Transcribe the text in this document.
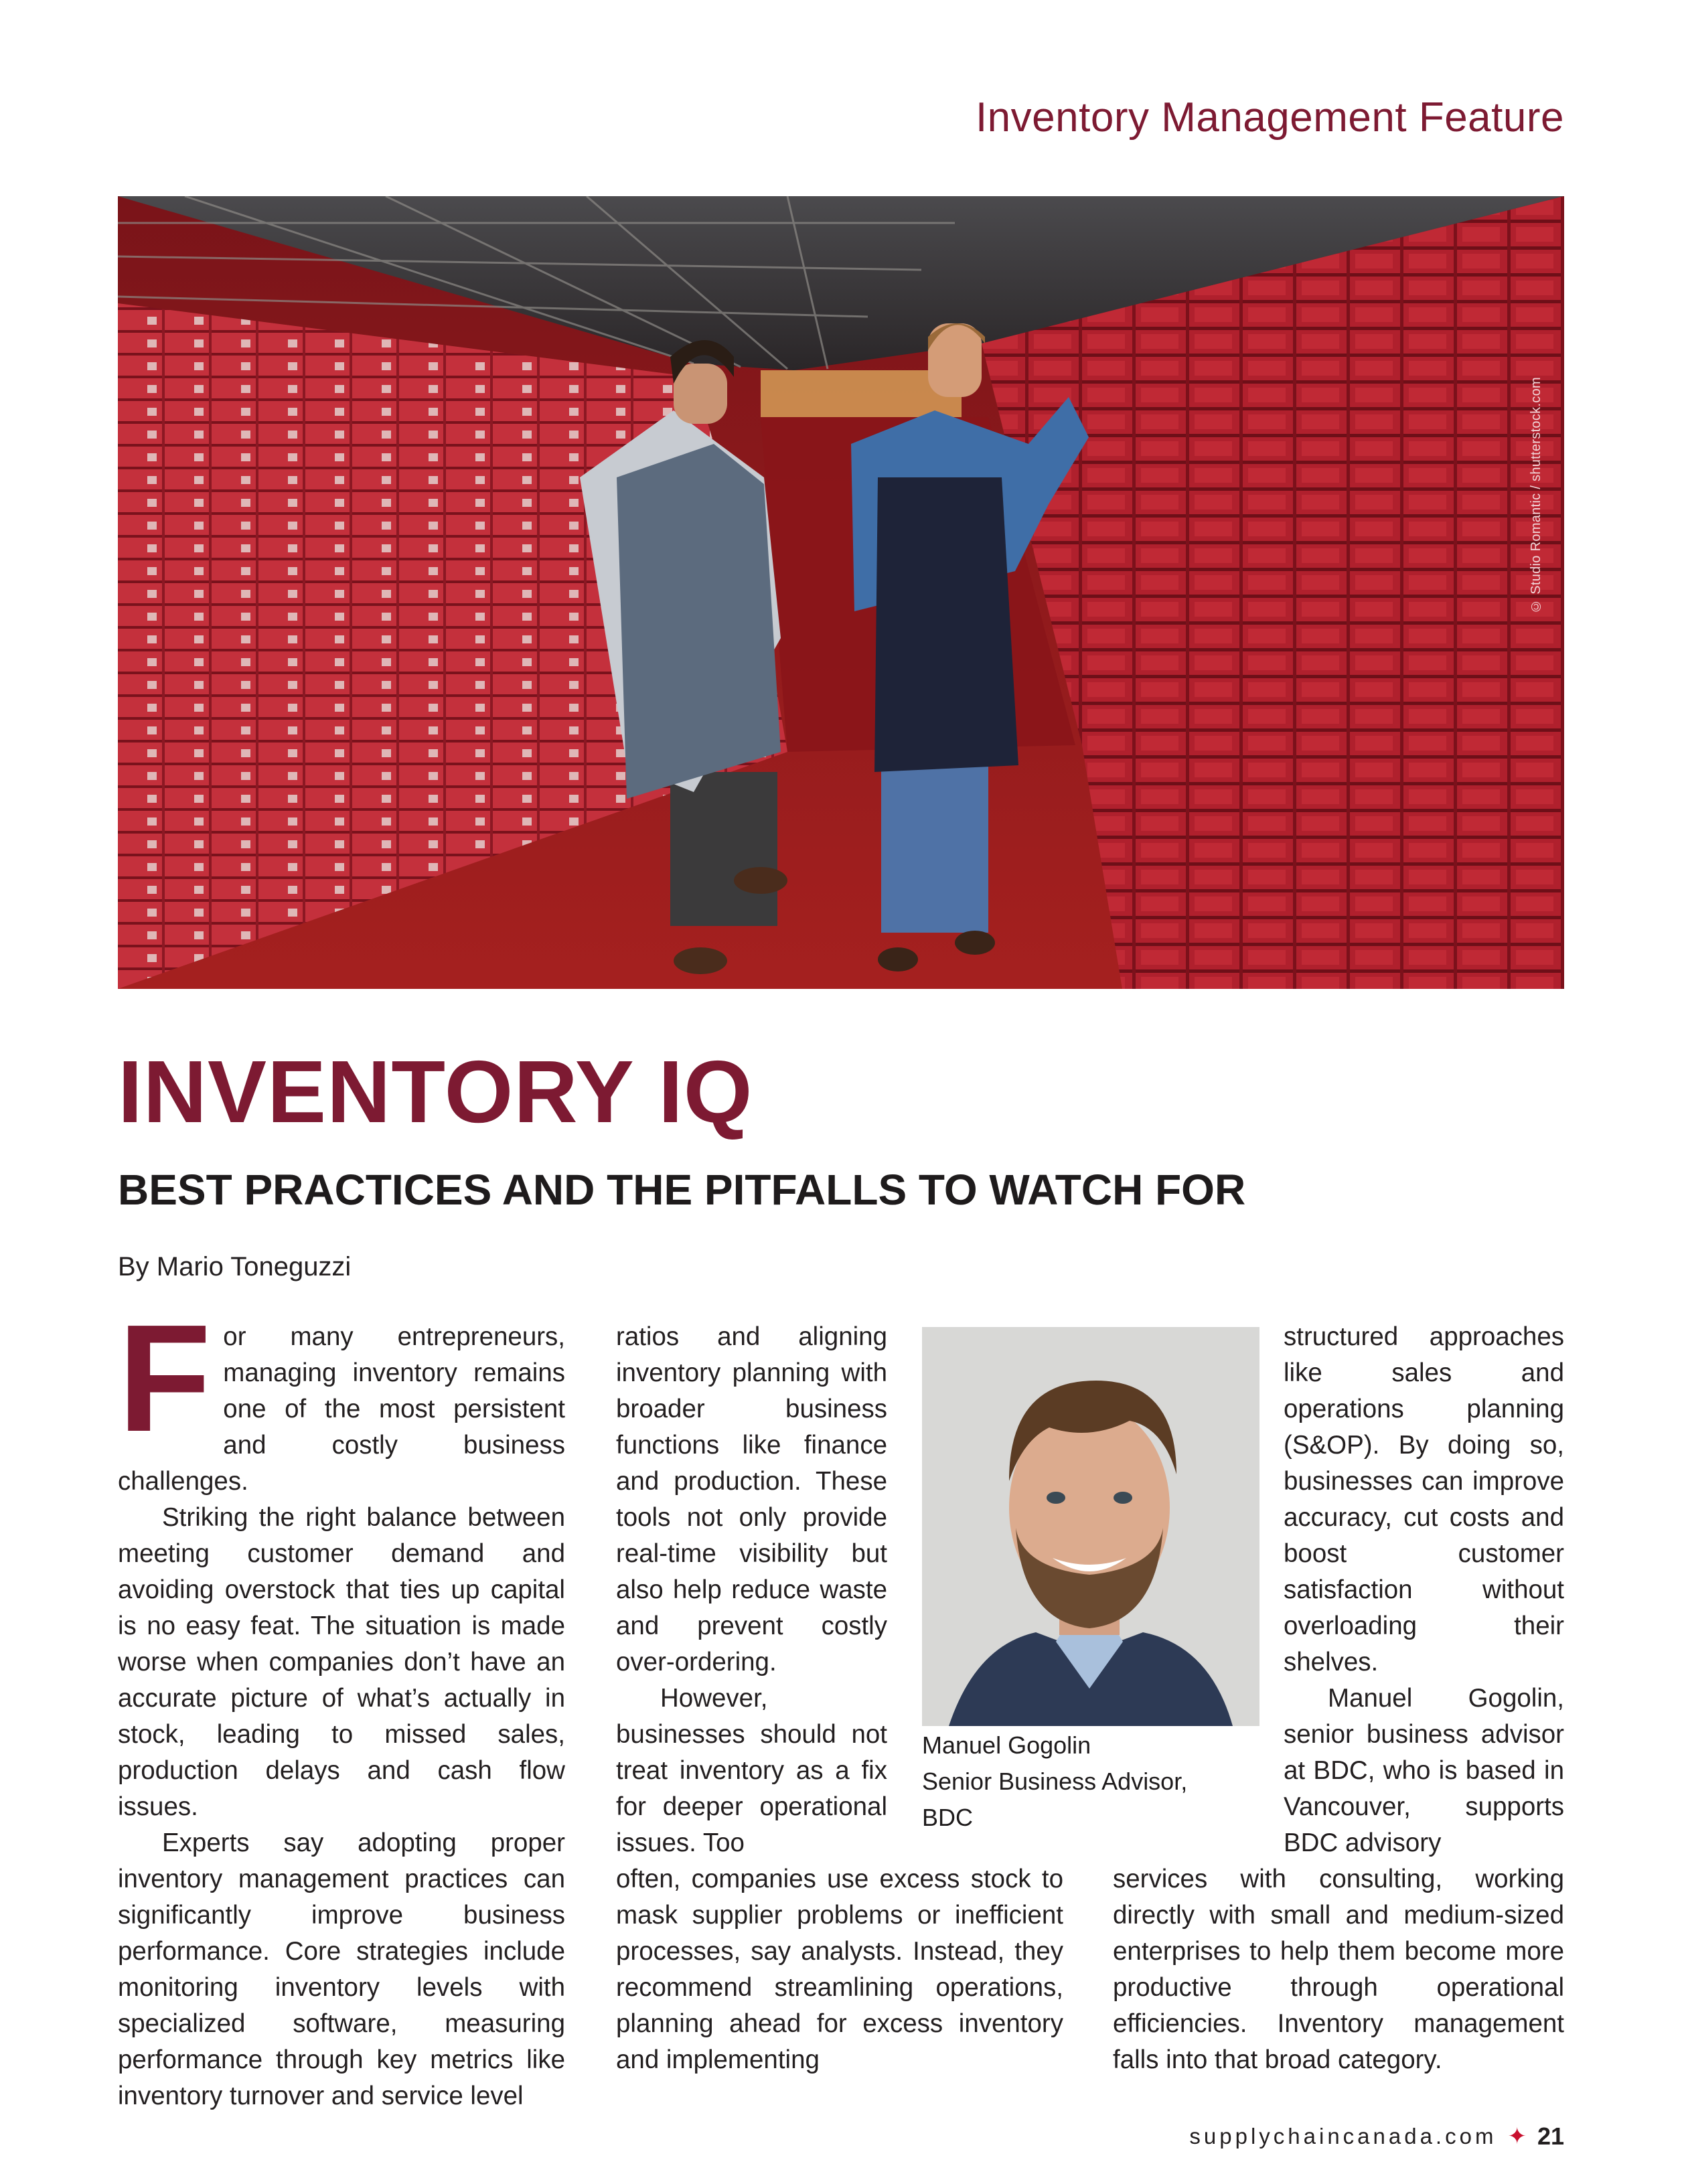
Inventory Management Feature
© Studio Romantic / shutterstock.com
INVENTORY IQ
BEST PRACTICES AND THE PITFALLS TO WATCH FOR
By Mario Toneguzzi
F or many entrepreneurs, managing inventory remains one of the most persistent and costly business challenges.

Striking the right balance between meeting customer demand and avoiding overstock that ties up capital is no easy feat. The situation is made worse when companies don’t have an accurate picture of what’s actually in stock, leading to missed sales, production delays and cash flow issues.

Experts say adopting proper inventory management practices can significantly improve business performance. Core strategies include monitoring inventory levels with specialized software, measuring performance through key metrics like inventory turnover and service level

ratios and aligning inventory planning with broader business functions like finance and production. These tools not only provide real-time visibility but also help reduce waste and prevent costly over-ordering.

However, businesses should not treat inventory as a fix for deeper operational issues. Too

often, companies use excess stock to mask supplier problems or inefficient processes, say analysts. Instead, they recommend streamlining operations, planning ahead for excess inventory and implementing

Manuel Gogolin
Senior Business Advisor,
BDC

structured approaches like sales and operations planning (S&OP). By doing so, businesses can improve accuracy, cut costs and boost customer satisfaction without overloading their shelves.

Manuel Gogolin, senior business advisor at BDC, who is based in Vancouver, supports BDC advisory

services with consulting, working directly with small and medium-sized enterprises to help them become more productive through operational efficiencies. Inventory management falls into that broad category.

supplychaincanada.com ✦ 21
